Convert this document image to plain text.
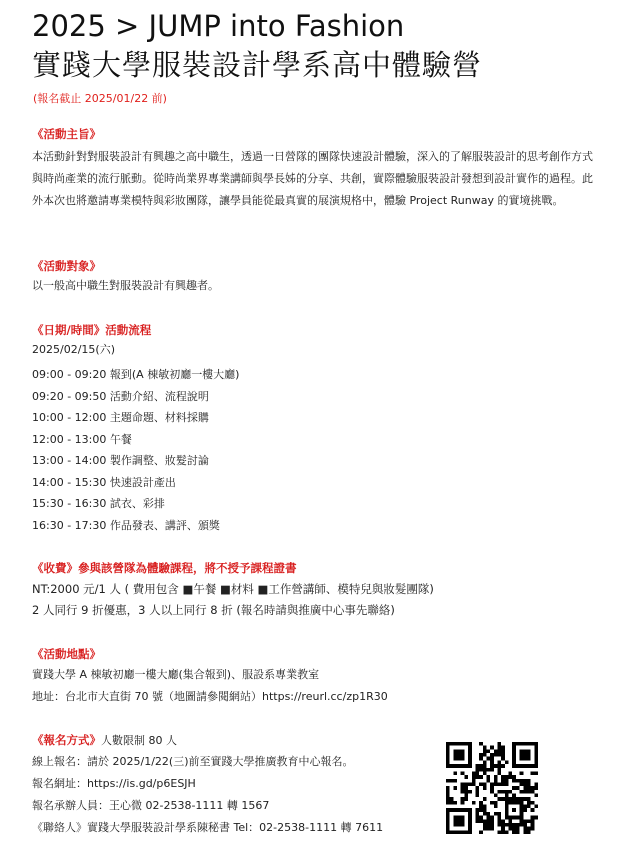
2025 > JUMP into Fashion
實踐大學服裝設計學系高中體驗營
(報名截止 2025/01/22 前)
《活動主旨》
本活動針對對服裝設計有興趣之高中職生，透過一日營隊的團隊快速設計體驗，深入的了解服裝設計的思考創作方式與時尚產業的流行脈動。從時尚業界專業講師與學長姊的分享、共創，實際體驗服裝設計發想到設計實作的過程。此外本次也將邀請專業模特與彩妝團隊，讓學員能從最真實的展演規格中，體驗 Project Runway 的實境挑戰。
《活動對象》
以一般高中職生對服裝設計有興趣者。
《日期/時間》活動流程
2025/02/15(六)
09:00 - 09:20 報到(A 棟敏初廳一樓大廳)
09:20 - 09:50 活動介紹、流程說明
10:00 - 12:00 主題命題、材料採購
12:00 - 13:00 午餐
13:00 - 14:00 製作調整、妝髮討論
14:00 - 15:30 快速設計產出
15:30 - 16:30 試衣、彩排
16:30 - 17:30 作品發表、講評、頒獎
《收費》參與該營隊為體驗課程，將不授予課程證書
NT:2000 元/1 人 ( 費用包含 ■午餐 ■材料 ■工作營講師、模特兒與妝髮團隊)
2 人同行 9 折優惠，3 人以上同行 8 折 (報名時請與推廣中心事先聯絡)
《活動地點》
實踐大學 A 棟敏初廳一樓大廳(集合報到)、服設系專業教室
地址：台北市大直街 70 號（地圖請參閱網站）https://reurl.cc/zp1R30
《報名方式》人數限制 80 人
線上報名：請於 2025/1/22(三)前至實踐大學推廣教育中心報名。
報名網址：https://is.gd/p6ESJH
報名承辦人員：王心微 02-2538-1111 轉 1567
《聯絡人》實踐大學服裝設計學系陳秘書 Tel：02-2538-1111 轉 7611
